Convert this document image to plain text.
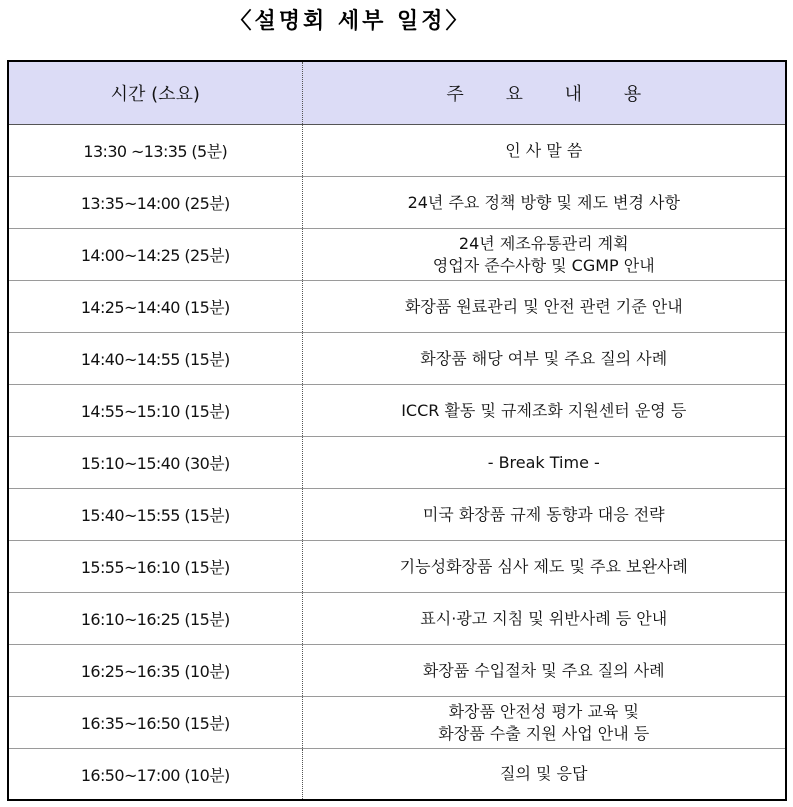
〈설명회 세부 일정〉
시간 (소요)	주 요 내 용
13:30 ~13:35 (5분)	인 사 말 씀

13:35~14:00 (25분)	24년 주요 정책 방향 및 제도 변경 사항

14:00~14:25 (25분)	24년 제조유통관리 계획
영업자 준수사항 및 CGMP 안내

14:25~14:40 (15분)	화장품 원료관리 및 안전 관련 기준 안내

14:40~14:55 (15분)	화장품 해당 여부 및 주요 질의 사례

14:55~15:10 (15분)	ICCR 활동 및 규제조화 지원센터 운영 등

15:10~15:40 (30분)	- Break Time -

15:40~15:55 (15분)	미국 화장품 규제 동향과 대응 전략

15:55~16:10 (15분)	기능성화장품 심사 제도 및 주요 보완사례

16:10~16:25 (15분)	표시·광고 지침 및 위반사례 등 안내

16:25~16:35 (10분)	화장품 수입절차 및 주요 질의 사례

16:35~16:50 (15분)	화장품 안전성 평가 교육 및
화장품 수출 지원 사업 안내 등

16:50~17:00 (10분)	질의 및 응답
